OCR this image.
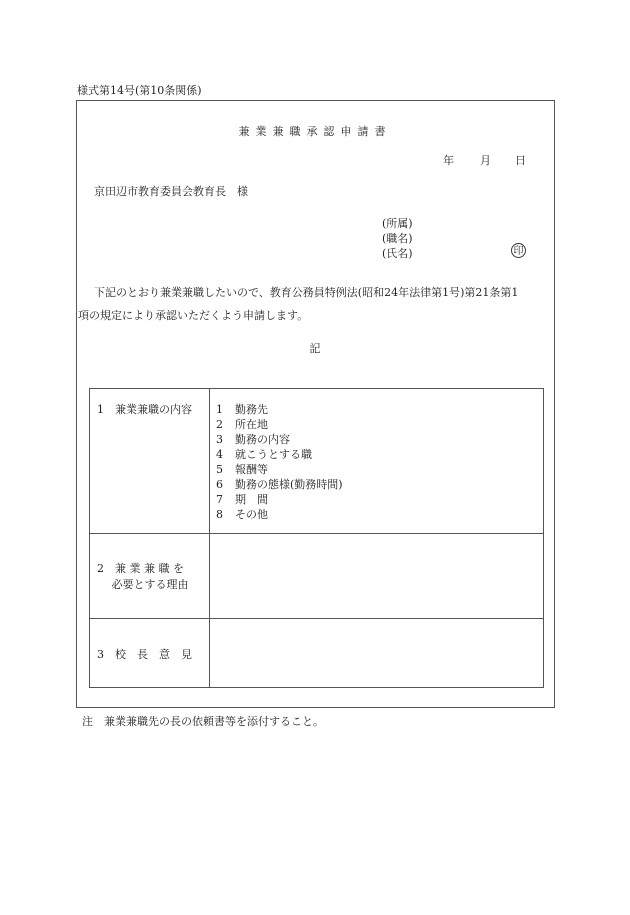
様式第14号(第10条関係)
兼業兼職承認申請書
年 月 日
京田辺市教育委員会教育長　様
(所属)
(職名)
(氏名)	印
下記のとおり兼業兼職したいので、教育公務員特例法(昭和24年法律第1号)第21条第1
項の規定により承認いただくよう申請します。
記
1　兼業兼職の内容 1 勤務先
2 所在地
3 勤務の内容
4 就こうとする職
5 報酬等
6 勤務の態様(勤務時間)
7 期　間
8 その他
2　兼 業 兼 職 を
　 必要とする理由
3　校　長　意　見
注　兼業兼職先の長の依頼書等を添付すること。
